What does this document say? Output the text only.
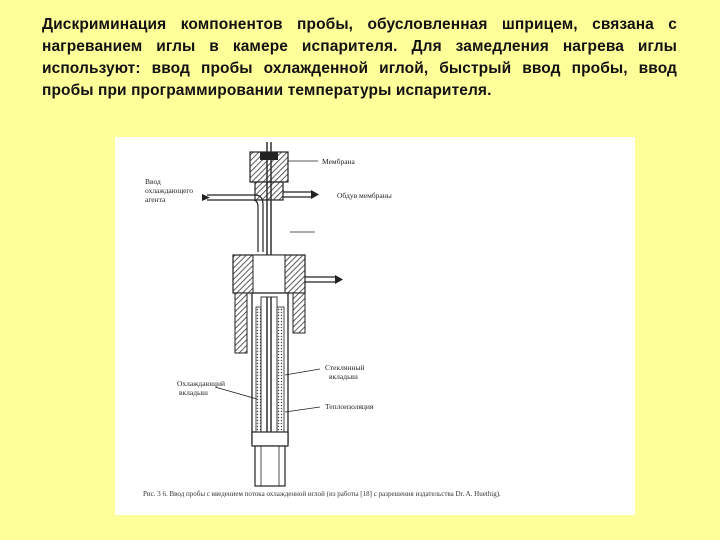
Дискриминация компонентов пробы, обусловленная шприцем, связана с нагреванием иглы в камере испарителя. Для замедления нагрева иглы используют: ввод пробы охлажденной иглой, быстрый ввод пробы, ввод пробы при программировании температуры испарителя.
Мембрана
Обдув мембраны
Ввод
охлаждающего
агента
Стеклянный
вкладыш
Охлаждающий
вкладыш
Теплоизоляция
Рис. 3 6. Ввод пробы с введением потока охлажденной иглой (из работы [18] с разрешения издательства Dr. A. Huethig).
